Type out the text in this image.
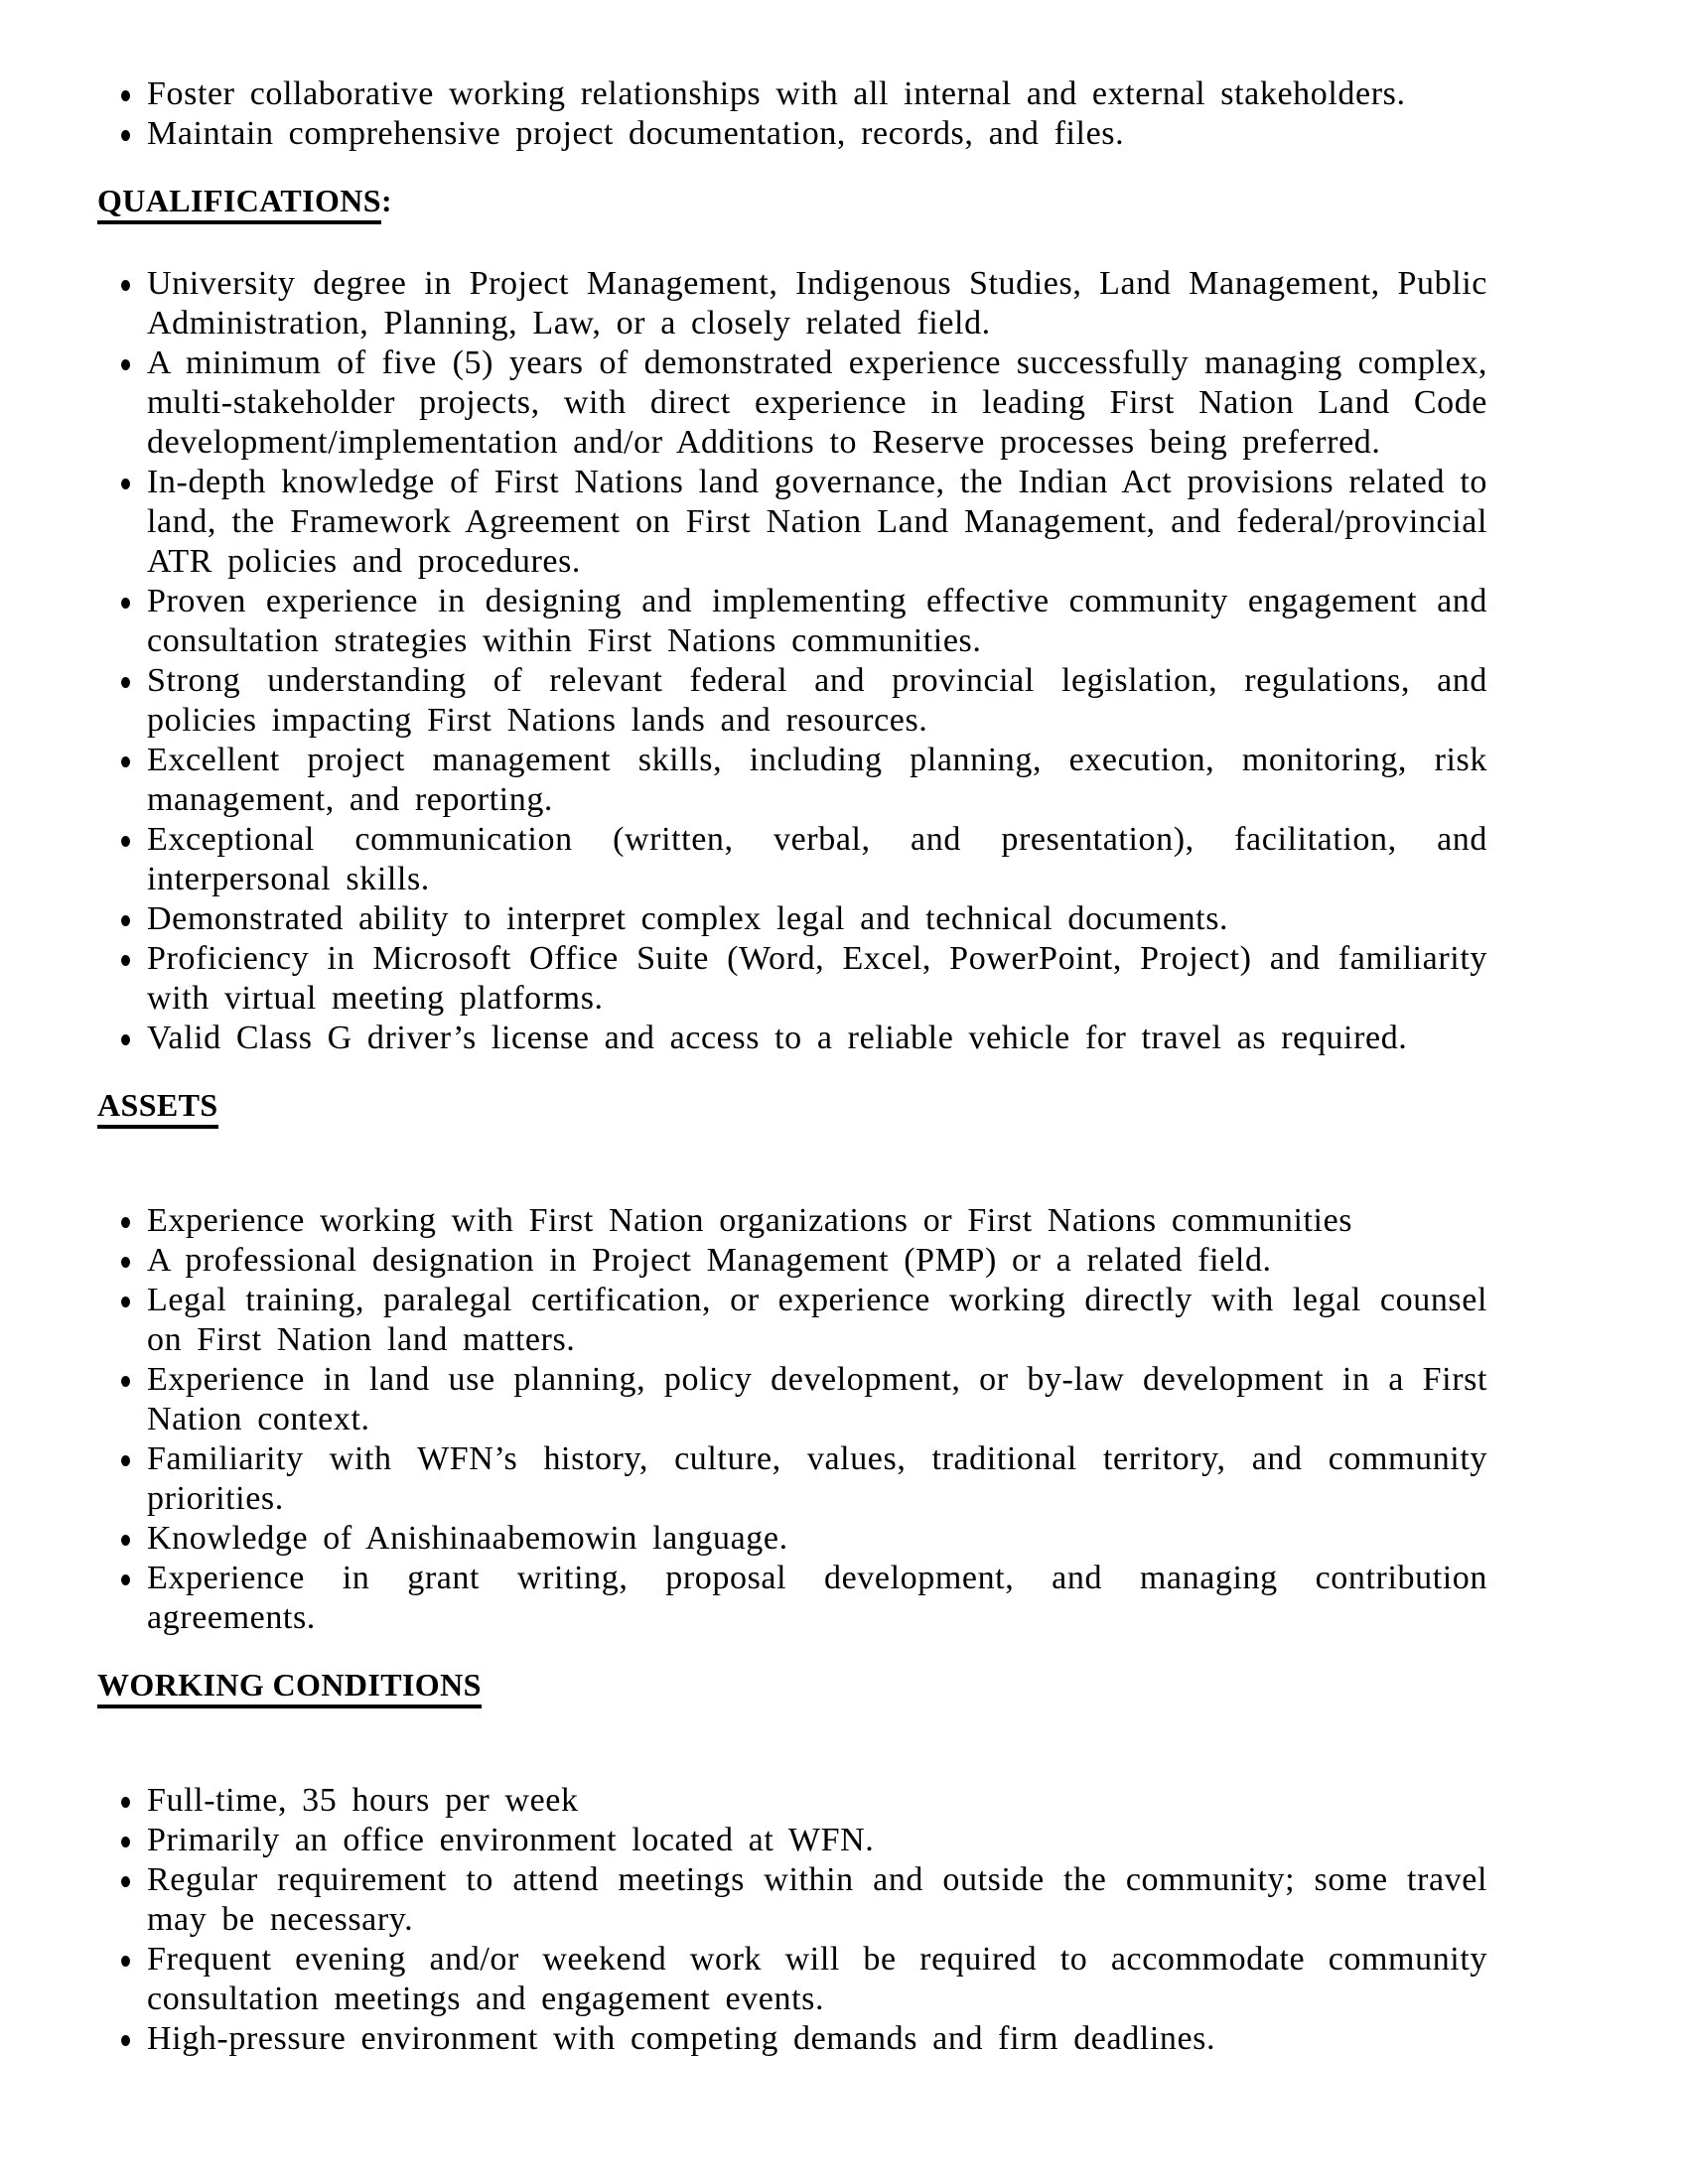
Foster collaborative working relationships with all internal and external stakeholders.
Maintain comprehensive project documentation, records, and files.
QUALIFICATIONS:
University degree in Project Management, Indigenous Studies, Land Management, Public Administration, Planning, Law, or a closely related field.
A minimum of five (5) years of demonstrated experience successfully managing complex, multi-stakeholder projects, with direct experience in leading First Nation Land Code development/implementation and/or Additions to Reserve processes being preferred.
In-depth knowledge of First Nations land governance, the Indian Act provisions related to land, the Framework Agreement on First Nation Land Management, and federal/provincial ATR policies and procedures.
Proven experience in designing and implementing effective community engagement and consultation strategies within First Nations communities.
Strong understanding of relevant federal and provincial legislation, regulations, and policies impacting First Nations lands and resources.
Excellent project management skills, including planning, execution, monitoring, risk management, and reporting.
Exceptional communication (written, verbal, and presentation), facilitation, and interpersonal skills.
Demonstrated ability to interpret complex legal and technical documents.
Proficiency in Microsoft Office Suite (Word, Excel, PowerPoint, Project) and familiarity with virtual meeting platforms.
Valid Class G driver’s license and access to a reliable vehicle for travel as required.
ASSETS
Experience working with First Nation organizations or First Nations communities
A professional designation in Project Management (PMP) or a related field.
Legal training, paralegal certification, or experience working directly with legal counsel on First Nation land matters.
Experience in land use planning, policy development, or by-law development in a First Nation context.
Familiarity with WFN’s history, culture, values, traditional territory, and community priorities.
Knowledge of Anishinaabemowin language.
Experience in grant writing, proposal development, and managing contribution agreements.
WORKING CONDITIONS
Full-time, 35 hours per week
Primarily an office environment located at WFN.
Regular requirement to attend meetings within and outside the community; some travel may be necessary.
Frequent evening and/or weekend work will be required to accommodate community consultation meetings and engagement events.
High-pressure environment with competing demands and firm deadlines.
